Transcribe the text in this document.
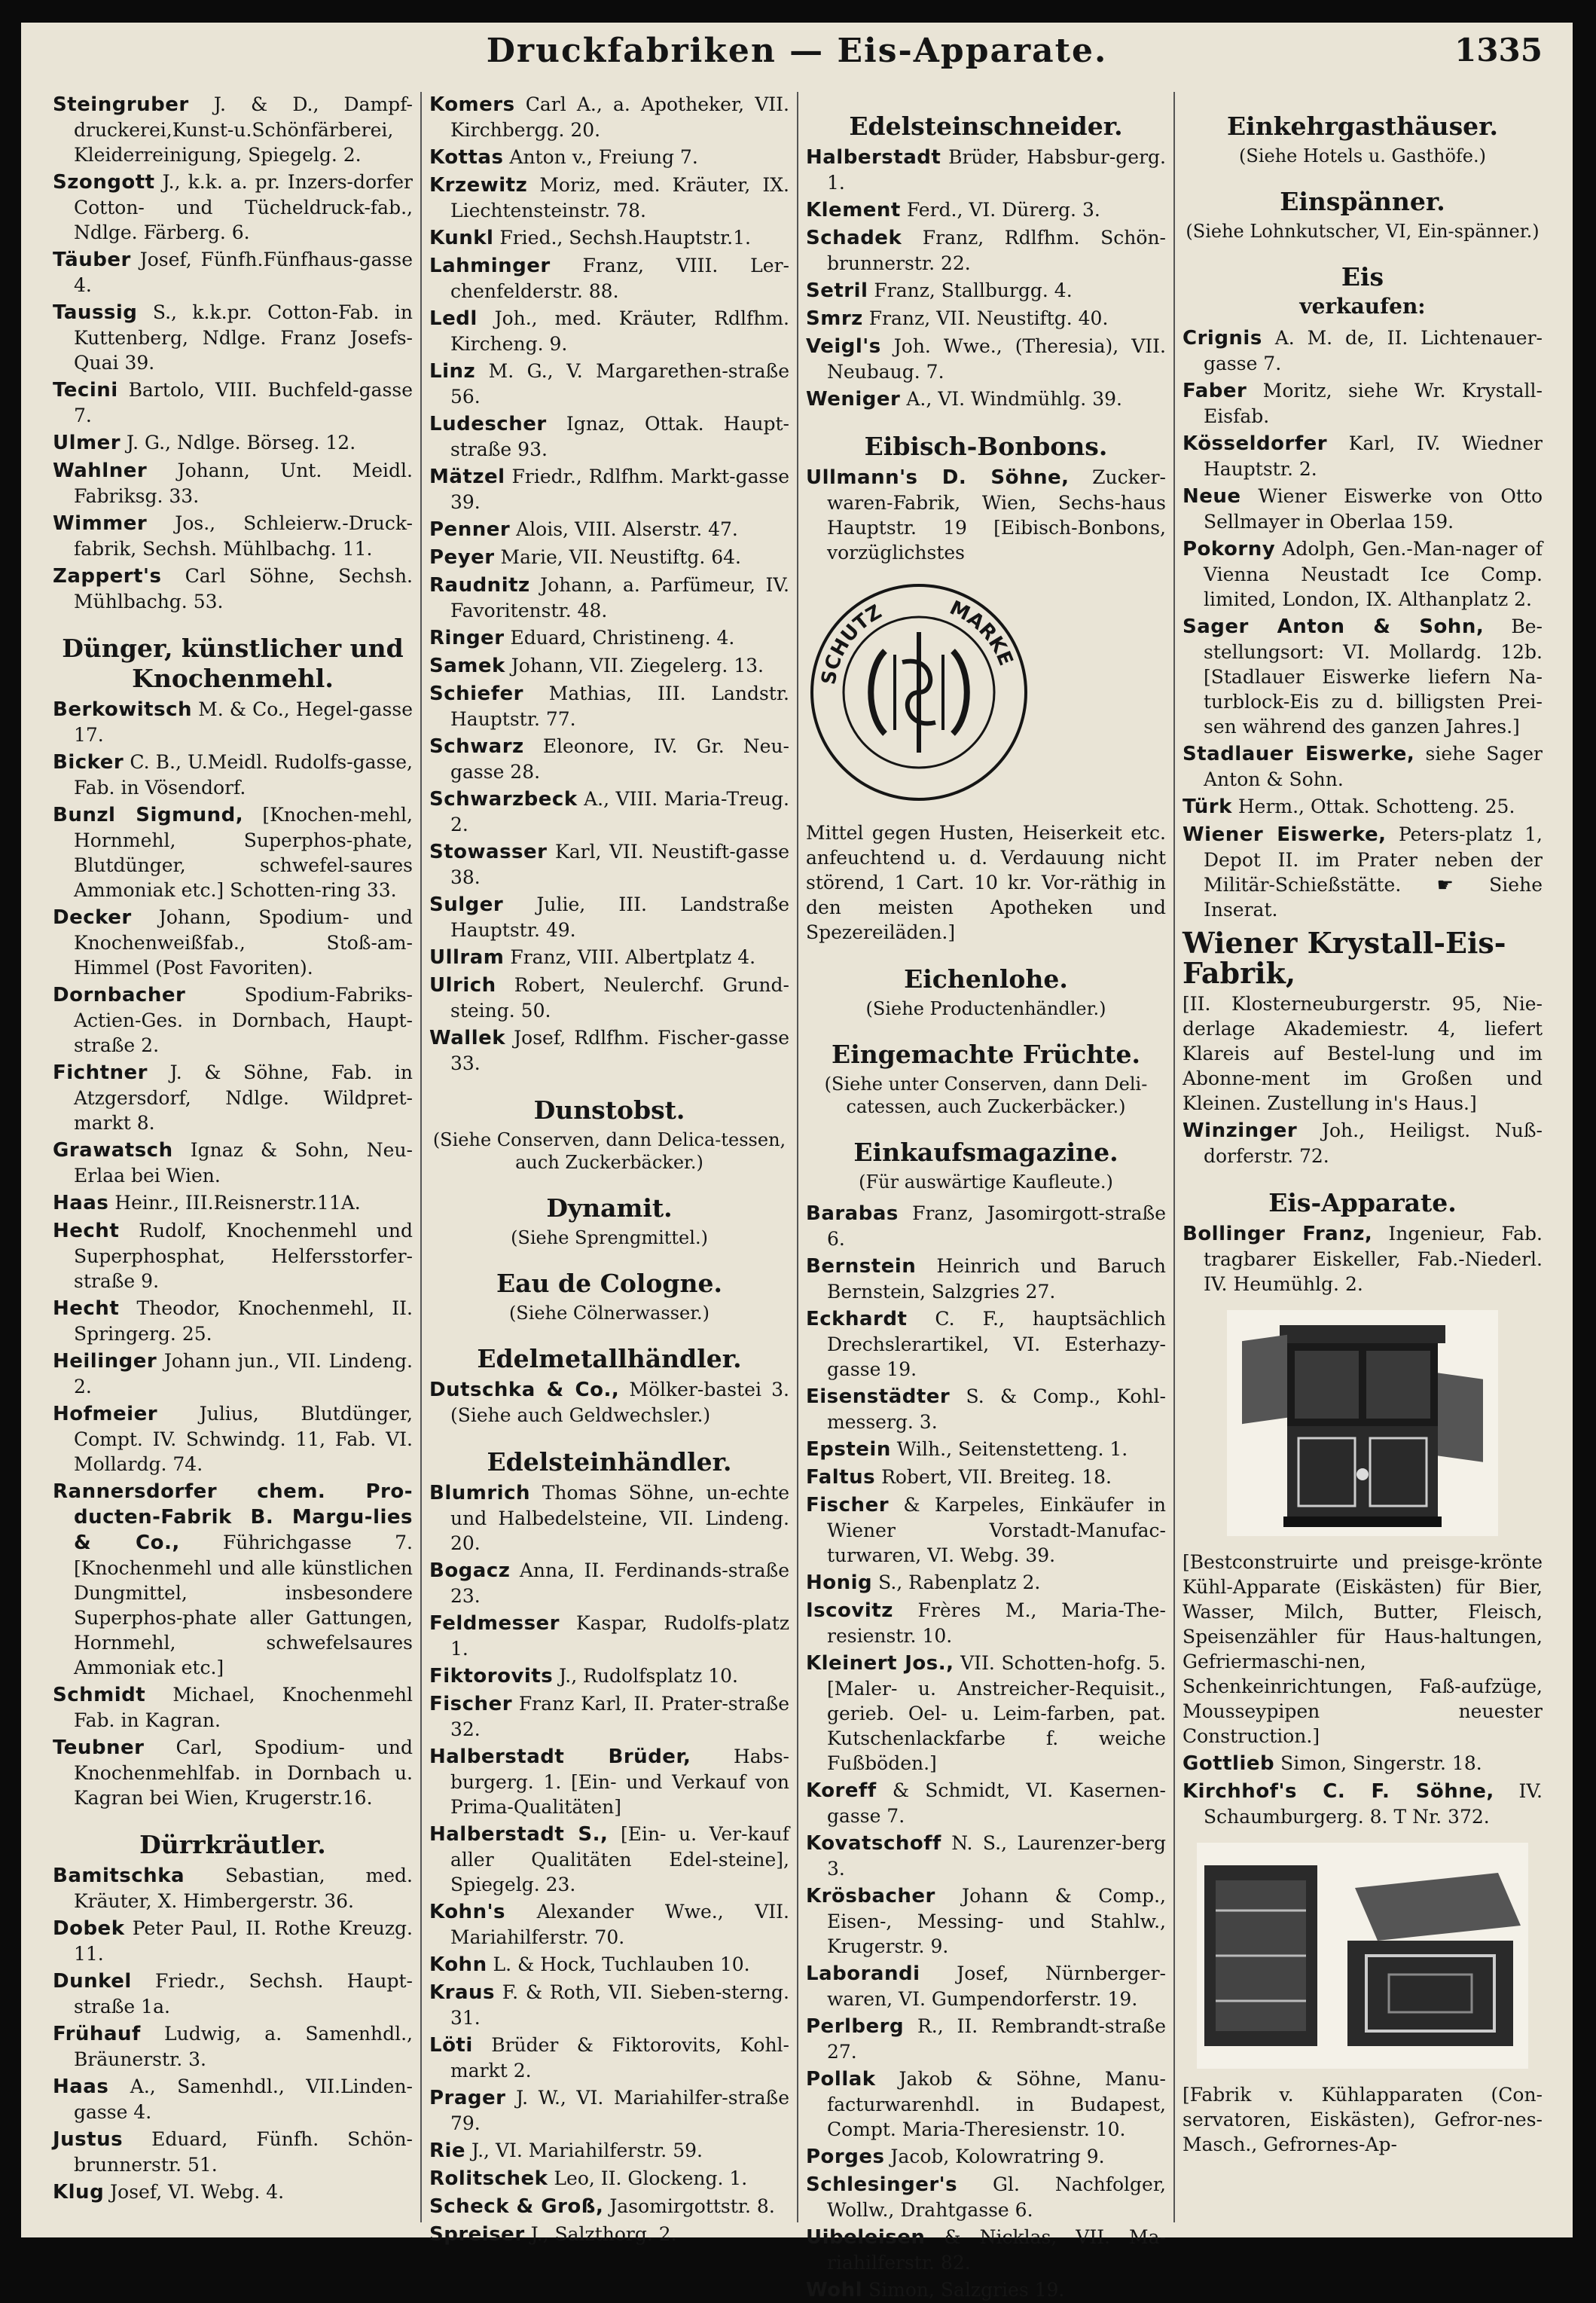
Druckfabriken — Eis-Apparate.	1335
Steingruber J. & D., Dampf-druckerei,Kunst-u.Schönfärberei, Kleiderreinigung, Spiegelg. 2.
Szongott J., k.k. a. pr. Inzers-dorfer Cotton- und Tücheldruck-fab., Ndlge. Färberg. 6.
Täuber Josef, Fünfh.Fünfhaus-gasse 4.
Taussig S., k.k.pr. Cotton-Fab. in Kuttenberg, Ndlge. Franz Josefs-Quai 39.
Tecini Bartolo, VIII. Buchfeld-gasse 7.
Ulmer J. G., Ndlge. Börseg. 12.
Wahlner Johann, Unt. Meidl. Fabriksg. 33.
Wimmer Jos., Schleierw.-Druck-fabrik, Sechsh. Mühlbachg. 11.
Zappert's Carl Söhne, Sechsh. Mühlbachg. 53.
Dünger, künstlicher und Knochenmehl.
Berkowitsch M. & Co., Hegel-gasse 17.
Bicker C. B., U.Meidl. Rudolfs-gasse, Fab. in Vösendorf.
Bunzl Sigmund, [Knochen-mehl, Hornmehl, Superphos-phate, Blutdünger, schwefel-saures Ammoniak etc.] Schotten-ring 33.
Decker Johann, Spodium- und Knochenweißfab., Stoß-am-Himmel (Post Favoriten).
Dornbacher	Spodium-Fabriks-Actien-Ges. in Dornbach, Haupt-straße 2.
Fichtner J. & Söhne, Fab. in Atzgersdorf, Ndlge. Wildpret-markt 8.
Grawatsch Ignaz & Sohn, Neu-Erlaa bei Wien.
Haas Heinr., III.Reisnerstr.11A.
Hecht Rudolf, Knochenmehl und Superphosphat, Helfersstorfer-straße 9.
Hecht Theodor, Knochenmehl, II. Springerg. 25.
Heilinger Johann jun., VII. Lindeng. 2.
Hofmeier Julius, Blutdünger, Compt. IV. Schwindg. 11, Fab. VI. Mollardg. 74.
Rannersdorfer chem. Pro-ducten-Fabrik B. Margu-lies & Co., Führichgasse 7. [Knochenmehl und alle künstlichen Dungmittel, insbesondere Superphos-phate aller Gattungen, Hornmehl, schwefelsaures Ammoniak etc.]
Schmidt Michael, Knochenmehl Fab. in Kagran.
Teubner Carl, Spodium- und Knochenmehlfab. in Dornbach u. Kagran bei Wien, Krugerstr.16.
Dürrkräutler.
Bamitschka Sebastian, med. Kräuter, X. Himbergerstr. 36.
Dobek Peter Paul, II. Rothe Kreuzg. 11.
Dunkel Friedr., Sechsh. Haupt-straße 1a.
Frühauf Ludwig, a. Samenhdl., Bräunerstr. 3.
Haas A., Samenhdl., VII.Linden-gasse 4.
Justus Eduard, Fünfh. Schön-brunnerstr. 51.
Klug Josef, VI. Webg. 4.
Komers Carl A., a. Apotheker, VII. Kirchbergg. 20.
Kottas Anton v., Freiung 7.
Krzewitz Moriz, med. Kräuter, IX. Liechtensteinstr. 78.
Kunkl Fried., Sechsh.Hauptstr.1.
Lahminger Franz, VIII. Ler-chenfelderstr. 88.
Ledl Joh., med. Kräuter, Rdlfhm. Kircheng. 9.
Linz M. G., V. Margarethen-straße 56.
Ludescher Ignaz, Ottak. Haupt-straße 93.
Mätzel Friedr., Rdlfhm. Markt-gasse 39.
Penner Alois, VIII. Alserstr. 47.
Peyer Marie, VII. Neustiftg. 64.
Raudnitz Johann, a. Parfümeur, IV. Favoritenstr. 48.
Ringer Eduard, Christineng. 4.
Samek Johann, VII. Ziegelerg. 13.
Schiefer Mathias, III. Landstr. Hauptstr. 77.
Schwarz Eleonore, IV. Gr. Neu-gasse 28.
Schwarzbeck A., VIII. Maria-Treug. 2.
Stowasser Karl, VII. Neustift-gasse 38.
Sulger Julie, III. Landstraße Hauptstr. 49.
Ullram Franz, VIII. Albertplatz 4.
Ulrich Robert, Neulerchf. Grund-steing. 50.
Wallek Josef, Rdlfhm. Fischer-gasse 33.
Dunstobst.
(Siehe Conserven, dann Delica-tessen, auch Zuckerbäcker.)
Dynamit.
(Siehe Sprengmittel.)
Eau de Cologne.
(Siehe Cölnerwasser.)
Edelmetallhändler.
Dutschka & Co., Mölker-bastei 3. (Siehe auch Geldwechsler.)
Edelsteinhändler.
Blumrich Thomas Söhne, un-echte und Halbedelsteine, VII. Lindeng. 20.
Bogacz Anna, II. Ferdinands-straße 23.
Feldmesser Kaspar, Rudolfs-platz 1.
Fiktorovits J., Rudolfsplatz 10.
Fischer Franz Karl, II. Prater-straße 32.
Halberstadt Brüder, Habs-burgerg. 1. [Ein- und Verkauf von Prima-Qualitäten]
Halberstadt S., [Ein- u. Ver-kauf aller Qualitäten Edel-steine], Spiegelg. 23.
Kohn's Alexander Wwe., VII. Mariahilferstr. 70.
Kohn L. & Hock, Tuchlauben 10.
Kraus F. & Roth, VII. Sieben-sterng. 31.
Löti Brüder & Fiktorovits, Kohl-markt 2.
Prager J. W., VI. Mariahilfer-straße 79.
Rie J., VI. Mariahilferstr. 59.
Rolitschek Leo, II. Glockeng. 1.
Scheck & Groß, Jasomirgottstr. 8.
Spreiser J., Salzthorg. 2.
Edelsteinschneider.
Halberstadt Brüder, Habsbur-gerg. 1.
Klement Ferd., VI. Dürerg. 3.
Schadek Franz, Rdlfhm. Schön-brunnerstr. 22.
Setril Franz, Stallburgg. 4.
Smrz Franz, VII. Neustiftg. 40.
Veigl's Joh. Wwe., (Theresia), VII. Neubaug. 7.
Weniger A., VI. Windmühlg. 39.
Eibisch-Bonbons.
Ullmann's D. Söhne, Zucker-waren-Fabrik, Wien, Sechs-haus Hauptstr. 19 [Eibisch-Bonbons, vorzüglichstes
SCHUTZ	MARKE
Mittel gegen Husten, Heiserkeit etc. anfeuchtend u. d. Verdauung nicht störend, 1 Cart. 10 kr. Vor-räthig in den meisten Apotheken und Spezereiläden.]
Eichenlohe.
(Siehe Productenhändler.)
Eingemachte Früchte.
(Siehe unter Conserven, dann Deli-catessen, auch Zuckerbäcker.)
Einkaufsmagazine.
(Für auswärtige Kaufleute.)
Barabas Franz, Jasomirgott-straße 6.
Bernstein Heinrich und Baruch Bernstein, Salzgries 27.
Eckhardt C. F., hauptsächlich Drechslerartikel, VI. Esterhazy-gasse 19.
Eisenstädter S. & Comp., Kohl-messerg. 3.
Epstein Wilh., Seitenstetteng. 1.
Faltus Robert, VII. Breiteg. 18.
Fischer & Karpeles, Einkäufer in Wiener Vorstadt-Manufac-turwaren, VI. Webg. 39.
Honig S., Rabenplatz 2.
Iscovitz Frères M., Maria-The-resienstr. 10.
Kleinert Jos., VII. Schotten-hofg. 5. [Maler- u. Anstreicher-Requisit., gerieb. Oel- u. Leim-farben, pat. Kutschenlackfarbe f. weiche Fußböden.]
Koreff & Schmidt, VI. Kasernen-gasse 7.
Kovatschoff N. S., Laurenzer-berg 3.
Krösbacher Johann & Comp., Eisen-, Messing- und Stahlw., Krugerstr. 9.
Laborandi Josef, Nürnberger-waren, VI. Gumpendorferstr. 19.
Perlberg R., II. Rembrandt-straße 27.
Pollak Jakob & Söhne, Manu-facturwarenhdl. in Budapest, Compt. Maria-Theresienstr. 10.
Porges Jacob, Kolowratring 9.
Schlesinger's Gl. Nachfolger, Wollw., Drahtgasse 6.
Uibeleisen & Nicklas, VII. Ma-riahilferstr. 82.
Wohl Simon, Salzgries 19.
Einkehrgasthäuser.
(Siehe Hotels u. Gasthöfe.)
Einspänner.
(Siehe Lohnkutscher, VI, Ein-spänner.)
Eis
verkaufen:
Crignis A. M. de, II. Lichtenauer-gasse 7.
Faber Moritz, siehe Wr. Krystall-Eisfab.
Kösseldorfer Karl, IV. Wiedner Hauptstr. 2.
Neue Wiener Eiswerke von Otto Sellmayer in Oberlaa 159.
Pokorny Adolph, Gen.-Man-nager of Vienna Neustadt Ice Comp. limited, London, IX. Althanplatz 2.
Sager Anton & Sohn, Be-stellungsort: VI. Mollardg. 12b. [Stadlauer Eiswerke liefern Na-turblock-Eis zu d. billigsten Prei-sen während des ganzen Jahres.]
Stadlauer Eiswerke, siehe Sager Anton & Sohn.
Türk Herm., Ottak. Schotteng. 25.
Wiener Eiswerke, Peters-platz 1, Depot II. im Prater neben der Militär-Schießstätte. ☛ Siehe Inserat.
Wiener Krystall-Eis-Fabrik,
[II. Klosterneuburgerstr. 95, Nie-derlage Akademiestr. 4, liefert Klareis auf Bestel-lung und im Abonne-ment im Großen und Kleinen. Zustellung in's Haus.]
Winzinger Joh., Heiligst. Nuß-dorferstr. 72.
Eis-Apparate.
Bollinger Franz, Ingenieur, Fab. tragbarer Eiskeller, Fab.-Niederl. IV. Heumühlg. 2.
[Bestconstruirte und preisge-krönte Kühl-Apparate (Eiskästen) für Bier, Wasser, Milch, Butter, Fleisch, Speisenzähler für Haus-haltungen, Gefriermaschi-nen, Schenkeinrichtungen, Faß-aufzüge, Mousseypipen neuester Construction.]
Gottlieb Simon, Singerstr. 18.
Kirchhof's C. F. Söhne, IV. Schaumburgerg. 8. T Nr. 372.
[Fabrik v. Kühlapparaten (Con-servatoren, Eiskästen), Gefror-nes-Masch., Gefrornes-Ap-
